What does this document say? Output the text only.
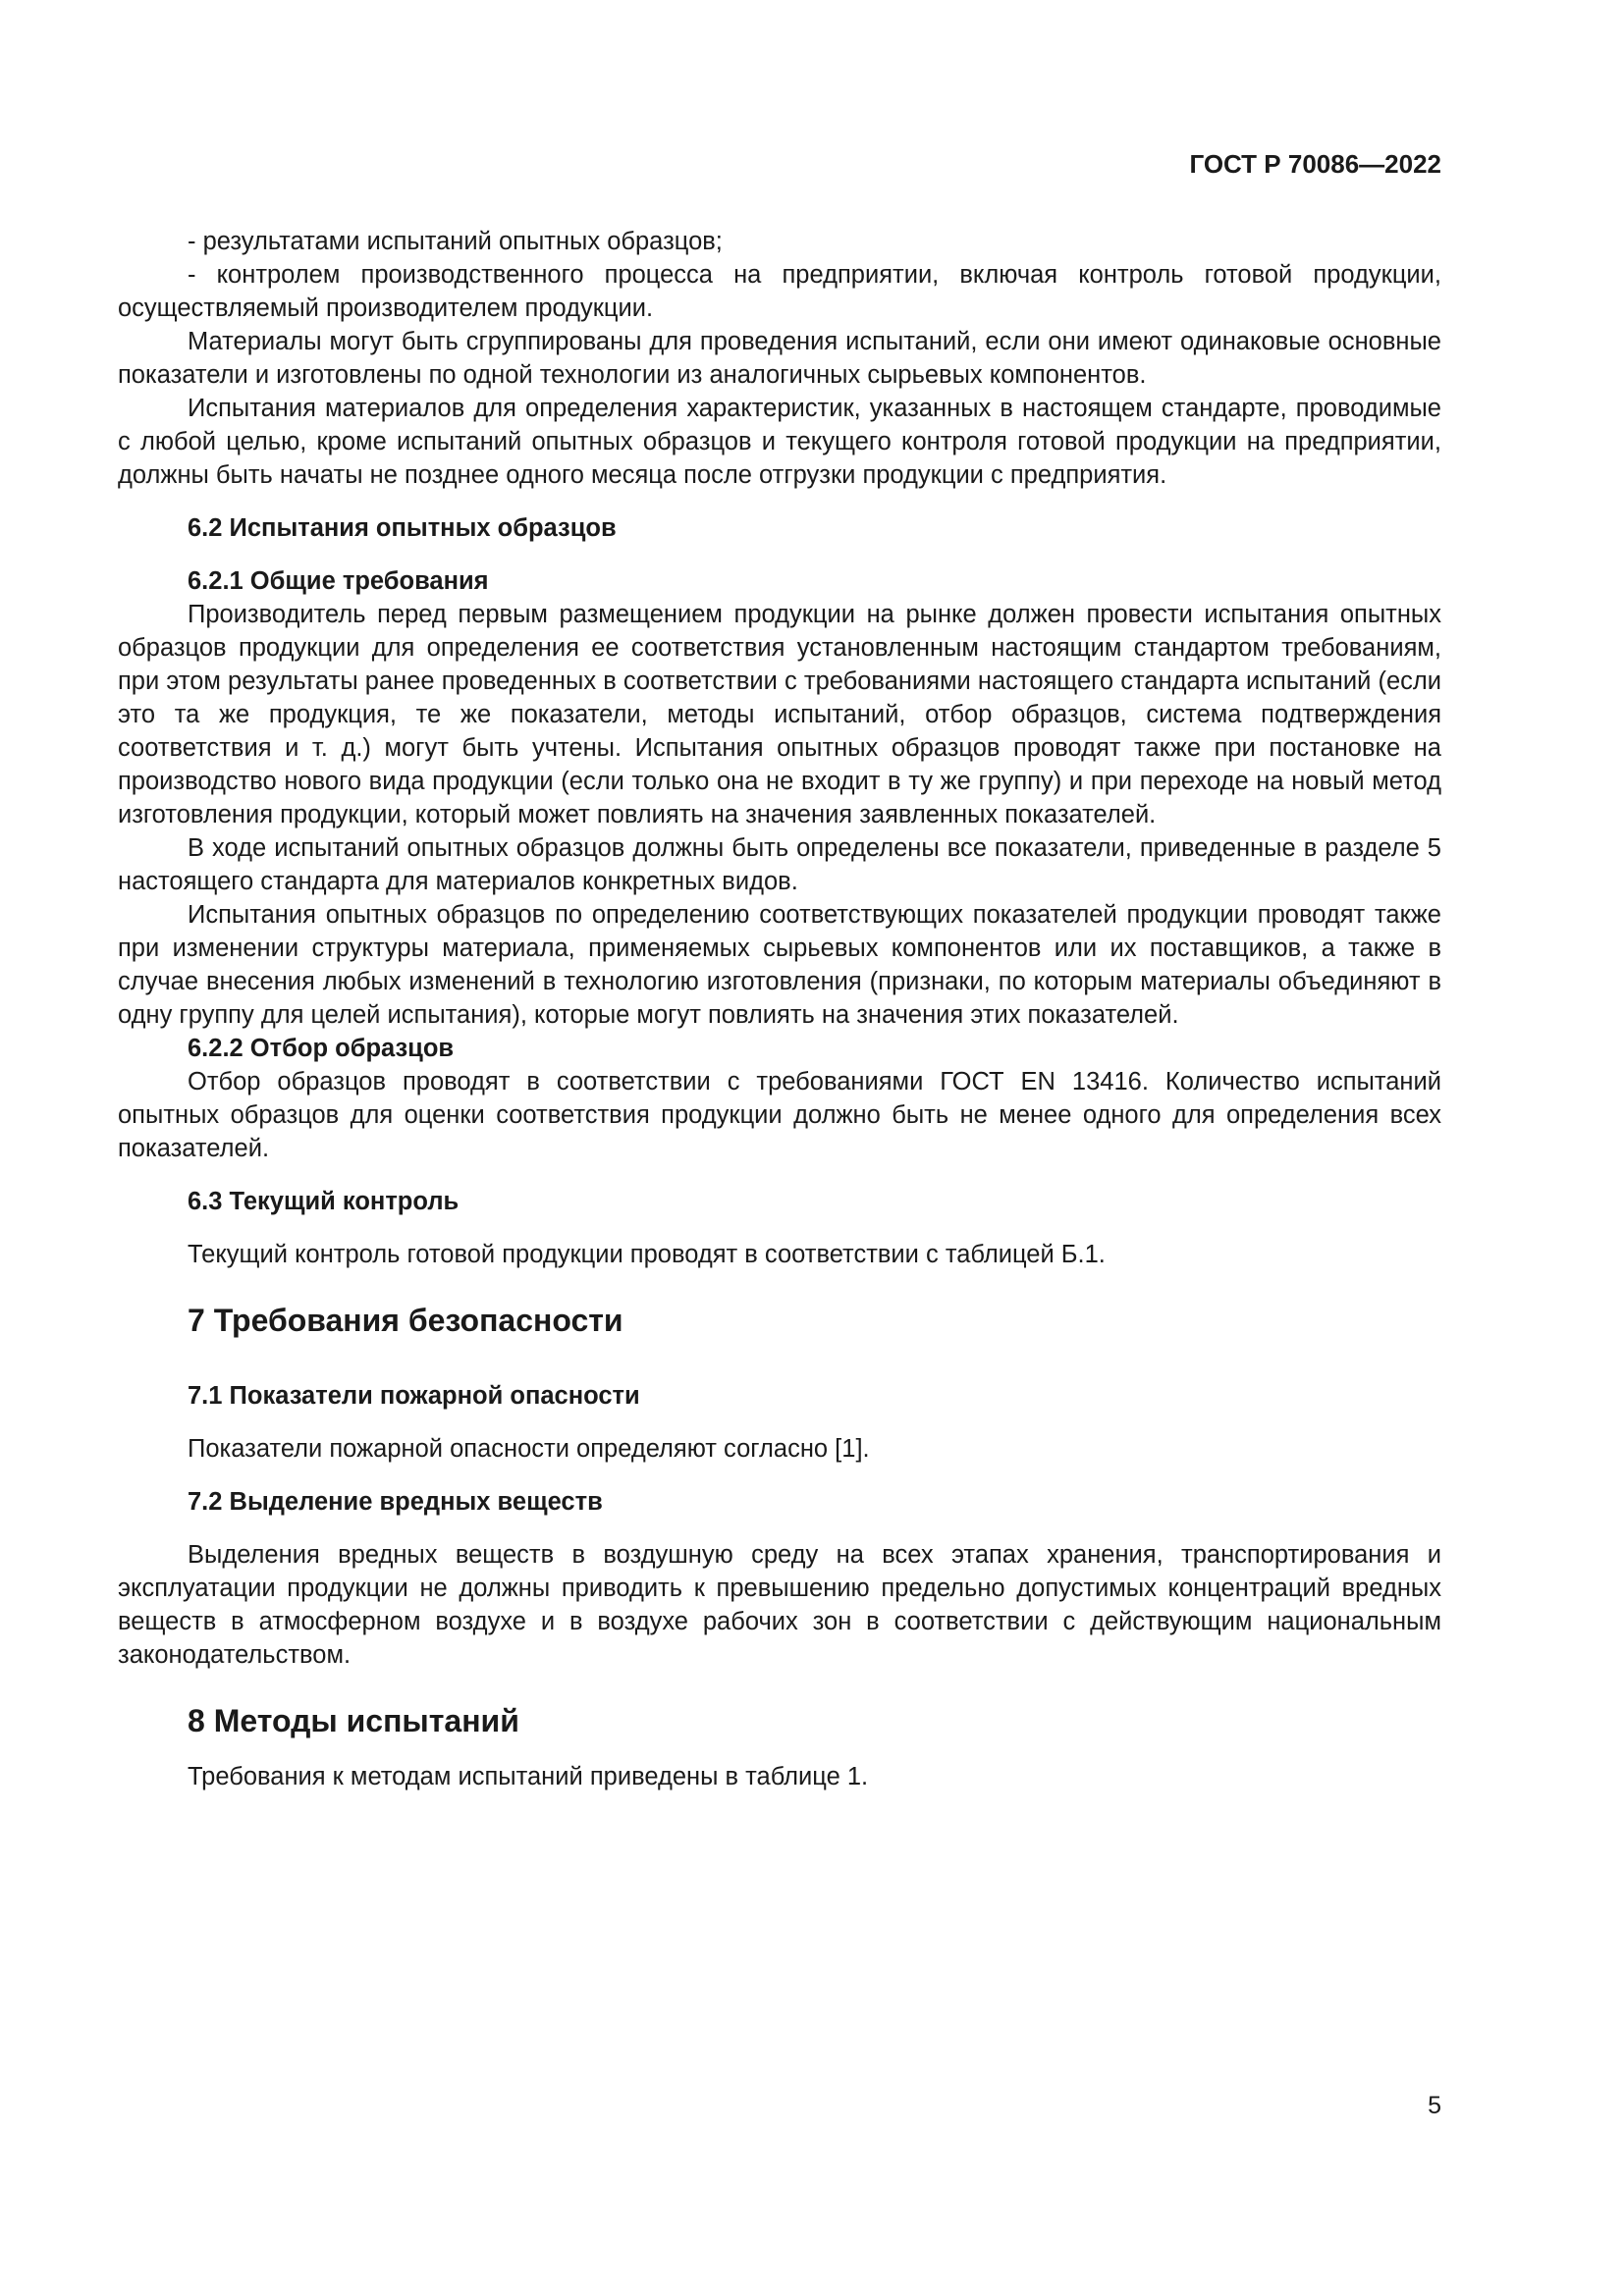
ГОСТ Р 70086—2022

- результатами испытаний опытных образцов;

- контролем производственного процесса на предприятии, включая контроль готовой продукции, осуществляемый производителем продукции.

Материалы могут быть сгруппированы для проведения испытаний, если они имеют одинаковые основные показатели и изготовлены по одной технологии из аналогичных сырьевых компонентов.

Испытания материалов для определения характеристик, указанных в настоящем стандарте, проводимые с любой целью, кроме испытаний опытных образцов и текущего контроля готовой продукции на предприятии, должны быть начаты не позднее одного месяца после отгрузки продукции с предприятия.

6.2 Испытания опытных образцов
6.2.1 Общие требования

Производитель перед первым размещением продукции на рынке должен провести испытания опытных образцов продукции для определения ее соответствия установленным настоящим стандартом требованиям, при этом результаты ранее проведенных в соответствии с требованиями настоящего стандарта испытаний (если это та же продукция, те же показатели, методы испытаний, отбор образцов, система подтверждения соответствия и т. д.) могут быть учтены. Испытания опытных образцов проводят также при постановке на производство нового вида продукции (если только она не входит в ту же группу) и при переходе на новый метод изготовления продукции, который может повлиять на значения заявленных показателей.

В ходе испытаний опытных образцов должны быть определены все показатели, приведенные в разделе 5 настоящего стандарта для материалов конкретных видов.

Испытания опытных образцов по определению соответствующих показателей продукции проводят также при изменении структуры материала, применяемых сырьевых компонентов или их поставщиков, а также в случае внесения любых изменений в технологию изготовления (признаки, по которым материалы объединяют в одну группу для целей испытания), которые могут повлиять на значения этих показателей.

6.2.2 Отбор образцов

Отбор образцов проводят в соответствии с требованиями ГОСТ EN 13416. Количество испытаний опытных образцов для оценки соответствия продукции должно быть не менее одного для определения всех показателей.

6.3 Текущий контроль

Текущий контроль готовой продукции проводят в соответствии с таблицей Б.1.

7 Требования безопасности
7.1 Показатели пожарной опасности

Показатели пожарной опасности определяют согласно [1].

7.2 Выделение вредных веществ

Выделения вредных веществ в воздушную среду на всех этапах хранения, транспортирования и эксплуатации продукции не должны приводить к превышению предельно допустимых концентраций вредных веществ в атмосферном воздухе и в воздухе рабочих зон в соответствии с действующим национальным законодательством.

8 Методы испытаний

Требования к методам испытаний приведены в таблице 1.

5
